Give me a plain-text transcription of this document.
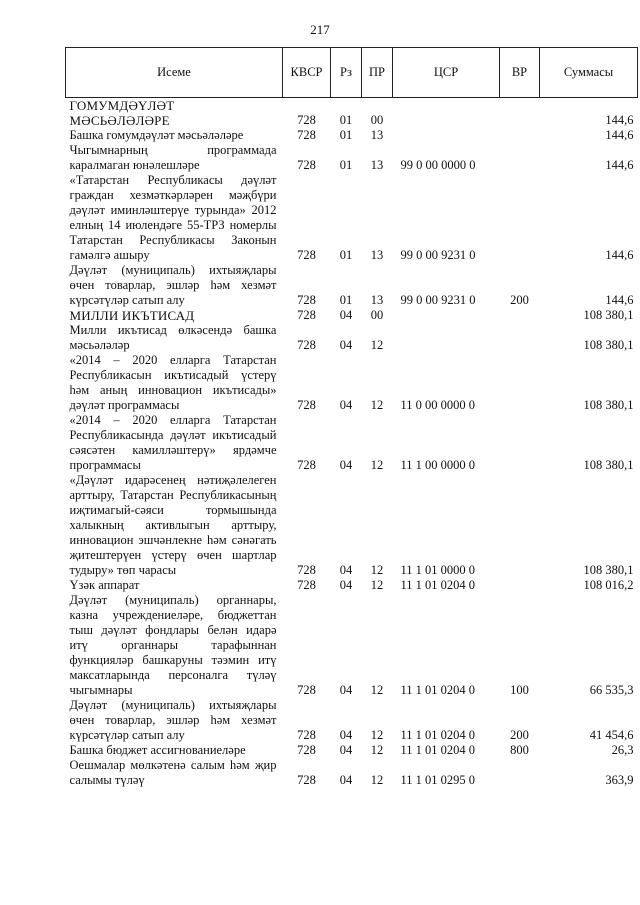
217
Исеме	КВСР	Рз	ПР	ЦСР	ВР	Суммасы
ГОМУМДӘҮЛӘТ МӘСЬӘЛӘЛӘРЕ	728	01	00			144,6
Башка гомумдәүләт мәсьәләләре	728	01	13			144,6
Чыгымнарның программада каралмаган юнәлешләре	728	01	13	99 0 00 0000 0		144,6
«Татарстан Республикасы дәүләт граждан хезмәткәрләрен мәҗбүри дәүләт иминләштерүе турында» 2012 елның 14 июлендәге 55-ТРЗ номерлы Татарстан Республикасы Законын гамәлгә ашыру	728	01	13	99 0 00 9231 0		144,6
Дәүләт (муниципаль) ихтыяҗлары өчен товарлар, эшләр һәм хезмәт күрсәтүләр сатып алу	728	01	13	99 0 00 9231 0	200	144,6
МИЛЛИ ИКЪТИСАД	728	04	00			108 380,1
Милли икътисад өлкәсендә башка мәсьәләләр	728	04	12			108 380,1
«2014 – 2020 елларга Татарстан Республикасын икътисадый үстерү һәм аның инновацион икътисады» дәүләт программасы	728	04	12	11 0 00 0000 0		108 380,1
«2014 – 2020 елларга Татарстан Республикасында дәүләт икътисадый сәясәтен камилләштерү» ярдәмче программасы	728	04	12	11 1 00 0000 0		108 380,1
«Дәүләт идарәсенең нәтиҗәлелеген арттыру, Татарстан Республикасының иҗтимагый-сәяси тормышында халыкның активлыгын арттыру, инновацион эшчәнлекне һәм сәнәгать җитештерүен үстерү өчен шартлар тудыру» төп чарасы	728	04	12	11 1 01 0000 0		108 380,1
Үзәк аппарат	728	04	12	11 1 01 0204 0		108 016,2
Дәүләт (муниципаль) органнары, казна учреждениеләре, бюджеттан тыш дәүләт фондлары белән идарә итү органнары тарафыннан функцияләр башкаруны тәэмин итү максатларында персоналга түләү чыгымнары	728	04	12	11 1 01 0204 0	100	66 535,3
Дәүләт (муниципаль) ихтыяҗлары өчен товарлар, эшләр һәм хезмәт күрсәтүләр сатып алу	728	04	12	11 1 01 0204 0	200	41 454,6
Башка бюджет ассигнованиеләре	728	04	12	11 1 01 0204 0	800	26,3
Оешмалар мөлкәтенә салым һәм җир салымы түләү	728	04	12	11 1 01 0295 0		363,9
